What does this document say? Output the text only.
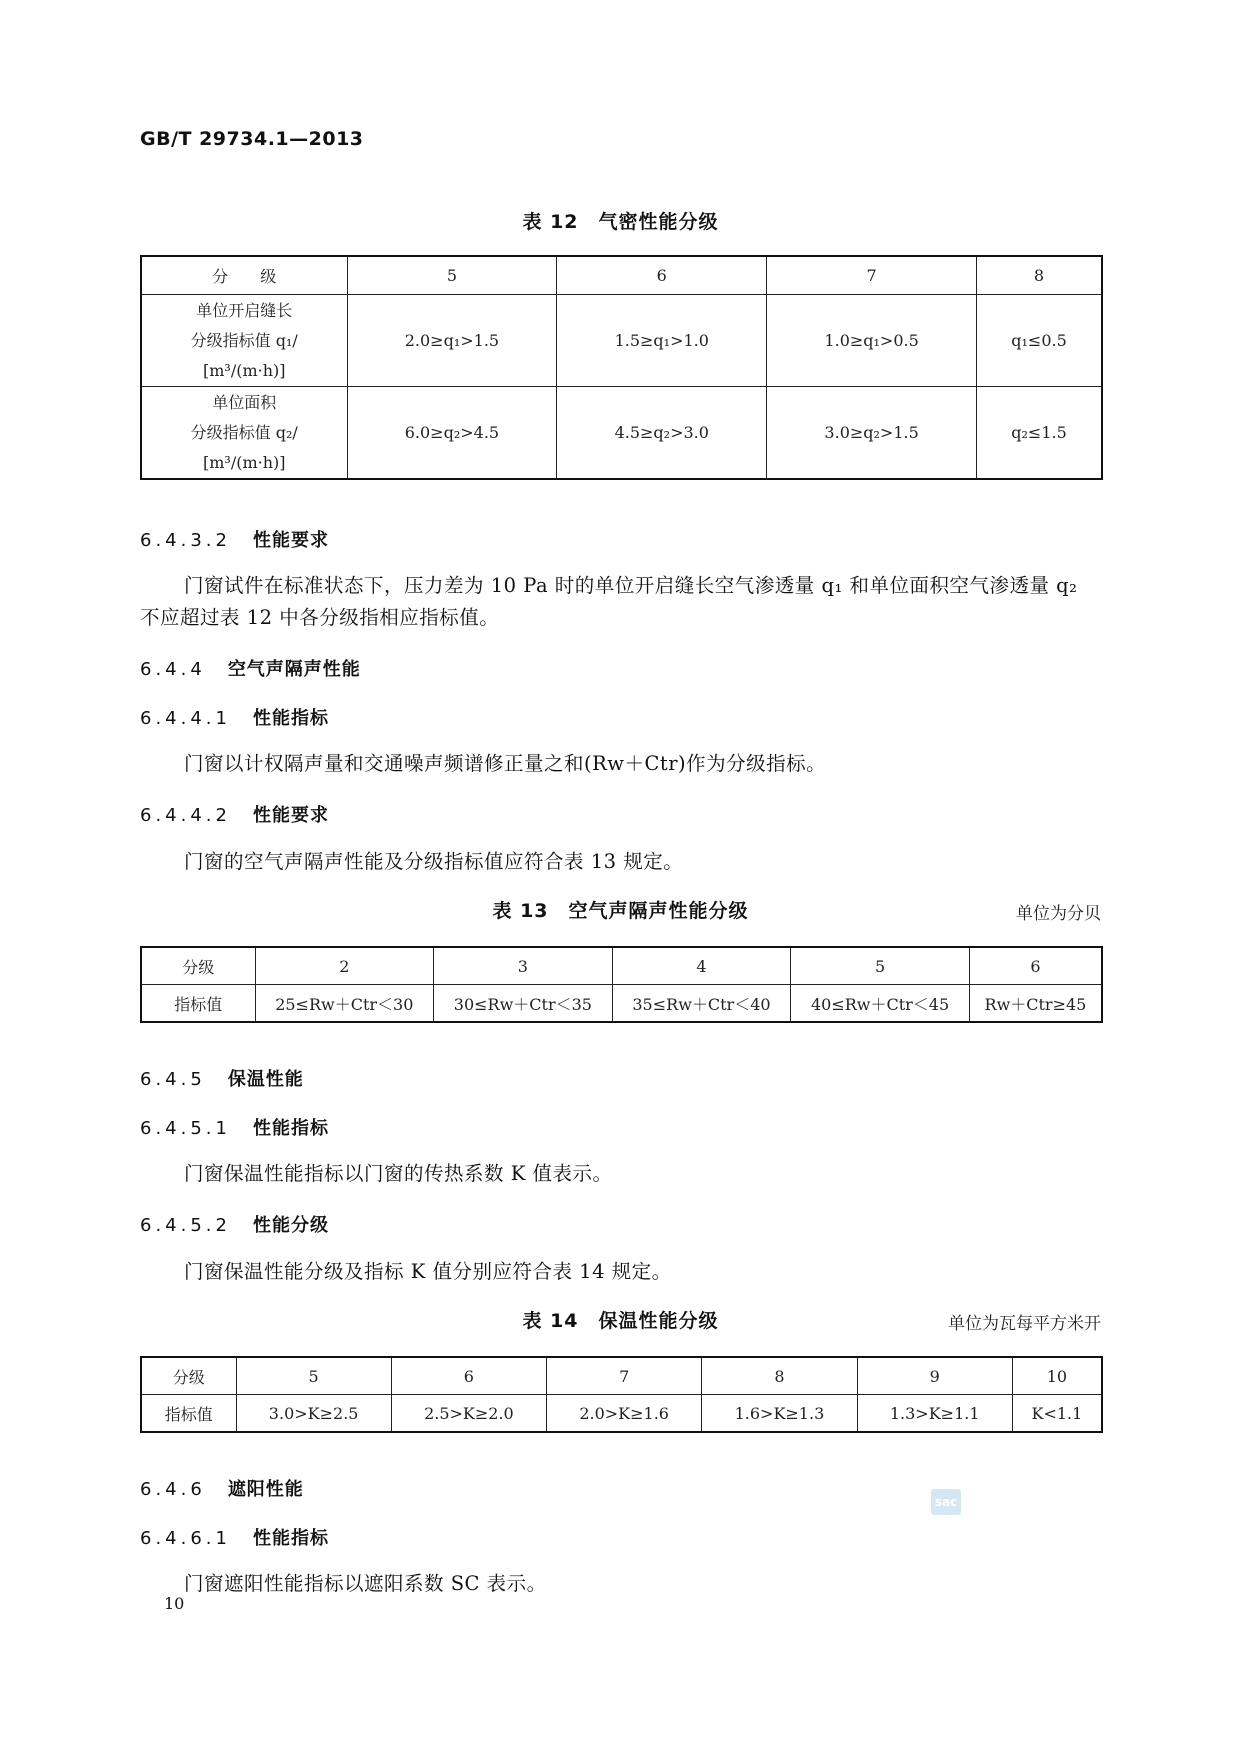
GB/T 29734.1—2013
表 12　气密性能分级
分　　级	5	6	7	8

单位开启缝长
分级指标值 q₁/
[m³/(m·h)]	2.0≥q₁>1.5	1.5≥q₁>1.0	1.0≥q₁>0.5	q₁≤0.5

单位面积
分级指标值 q₂/
[m³/(m·h)]	6.0≥q₂>4.5	4.5≥q₂>3.0	3.0≥q₂>1.5	q₂≤1.5
6.4.3.2 性能要求
门窗试件在标准状态下，压力差为 10 Pa 时的单位开启缝长空气渗透量 q₁ 和单位面积空气渗透量 q₂ 不应超过表 12 中各分级指相应指标值。
6.4.4 空气声隔声性能
6.4.4.1 性能指标
门窗以计权隔声量和交通噪声频谱修正量之和(Rw＋Ctr)作为分级指标。
6.4.4.2 性能要求
门窗的空气声隔声性能及分级指标值应符合表 13 规定。
表 13　空气声隔声性能分级	单位为分贝
分级	2	3	4	5	6
指标值	25≤Rw＋Ctr＜30	30≤Rw＋Ctr＜35	35≤Rw＋Ctr＜40	40≤Rw＋Ctr＜45	Rw＋Ctr≥45
6.4.5 保温性能
6.4.5.1 性能指标
门窗保温性能指标以门窗的传热系数 K 值表示。
6.4.5.2 性能分级
门窗保温性能分级及指标 K 值分别应符合表 14 规定。
表 14　保温性能分级	单位为瓦每平方米开
分级	5	6	7	8	9	10
指标值	3.0>K≥2.5	2.5>K≥2.0	2.0>K≥1.6	1.6>K≥1.3	1.3>K≥1.1	K<1.1
6.4.6 遮阳性能
6.4.6.1 性能指标
门窗遮阳性能指标以遮阳系数 SC 表示。
sac
10
